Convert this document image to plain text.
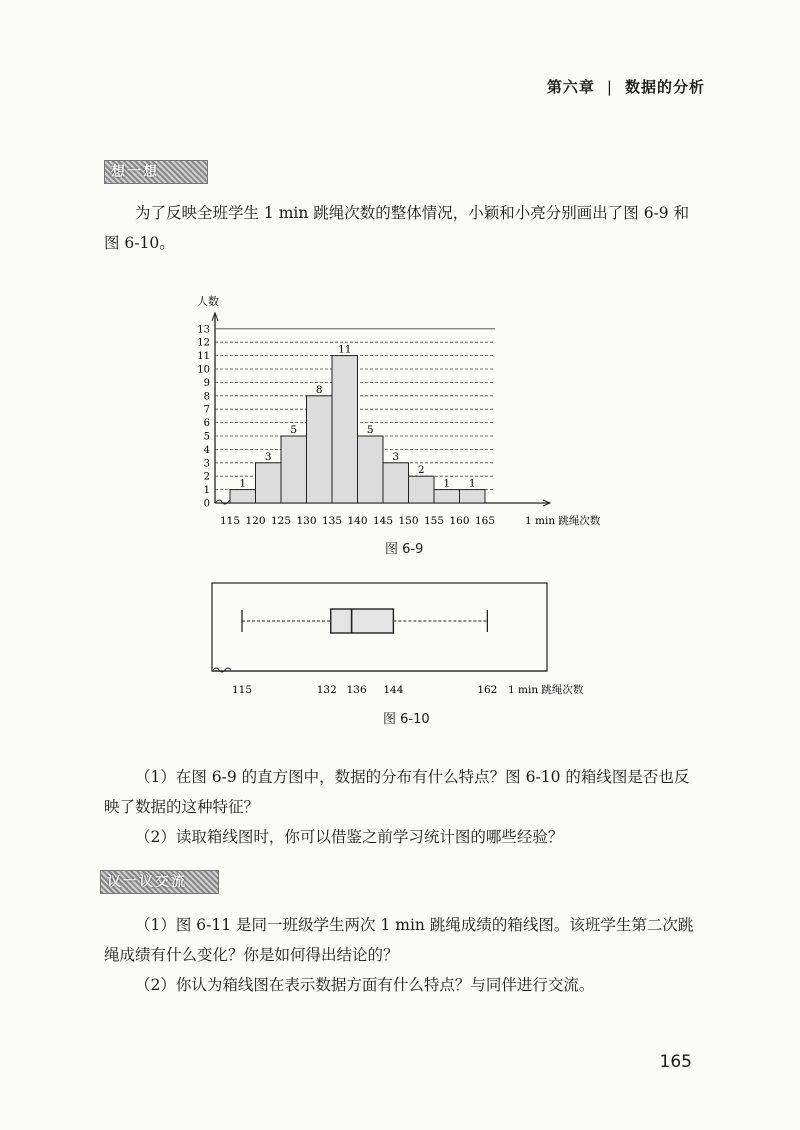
第六章 | 数据的分析
想一想
为了反映全班学生 1 min 跳绳次数的整体情况，小颖和小亮分别画出了图 6-9 和图 6-10。
人数
1 min 跳绳次数
0
1
2
3
4
5
6
7
8
9
10
11
12
13
1
3
5
8
11
5
3
2
1 1
115 120 125 130 135 140 145 150 155 160 165
图 6-9
115	132 136 144	162 1 min 跳绳次数
图 6-10
（1）在图 6-9 的直方图中，数据的分布有什么特点？图 6-10 的箱线图是否也反映了数据的这种特征？
（2）读取箱线图时，你可以借鉴之前学习统计图的哪些经验？
议一议交流
（1）图 6-11 是同一班级学生两次 1 min 跳绳成绩的箱线图。该班学生第二次跳绳成绩有什么变化？你是如何得出结论的？
（2）你认为箱线图在表示数据方面有什么特点？与同伴进行交流。
165
